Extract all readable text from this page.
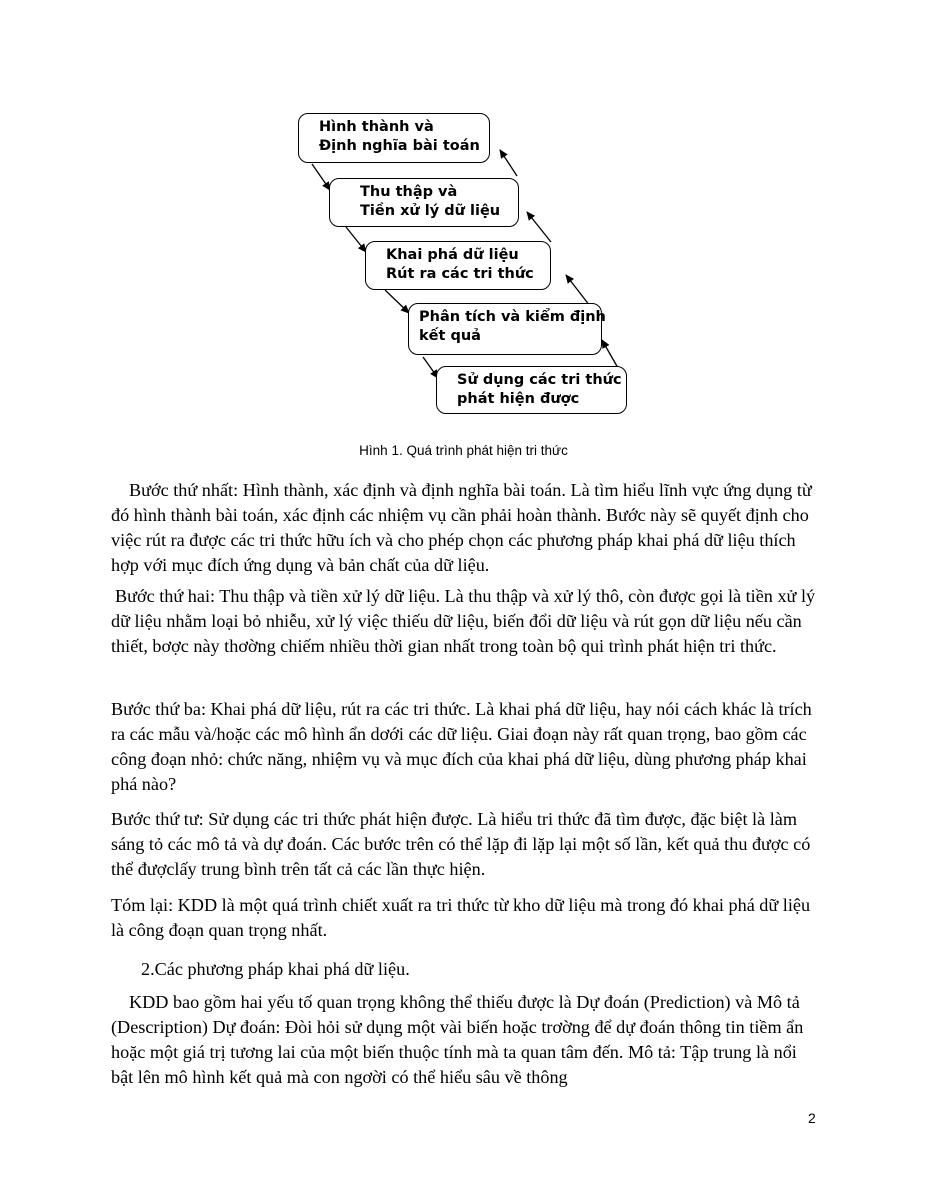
Hình thành và
Định nghĩa bài toán
Thu thập và
Tiền xử lý dữ liệu
Khai phá dữ liệu
Rút ra các tri thức
Phân tích và kiểm định
kết quả
Sử dụng các tri thức
phát hiện được
Hình 1. Quá trình phát hiện tri thức

Bước thứ nhất: Hình thành, xác định và định nghĩa bài toán. Là tìm hiểu lĩnh vực ứng dụng từ đó hình thành bài toán, xác định các nhiệm vụ cần phải hoàn thành. Bước này sẽ quyết định cho việc rút ra được các tri thức hữu ích và cho phép chọn các phương pháp khai phá dữ liệu thích hợp với mục đích ứng dụng và bản chất của dữ liệu.

Bước thứ hai: Thu thập và tiền xử lý dữ liệu. Là thu thập và xử lý thô, còn được gọi là tiền xử lý dữ liệu nhằm loại bỏ nhiễu, xử lý việc thiếu dữ liệu, biến đổi dữ liệu và rút gọn dữ liệu nếu cần thiết, bơợc này thơờng chiếm nhiều thời gian nhất trong toàn bộ qui trình phát hiện tri thức.

Bước thứ ba: Khai phá dữ liệu, rút ra các tri thức. Là khai phá dữ liệu, hay nói cách khác là trích ra các mẫu và/hoặc các mô hình ẩn dơới các dữ liệu. Giai đoạn này rất quan trọng, bao gồm các công đoạn nhỏ: chức năng, nhiệm vụ và mục đích của khai phá dữ liệu, dùng phương pháp khai phá nào?

Bước thứ tư: Sử dụng các tri thức phát hiện được. Là hiểu tri thức đã tìm được, đặc biệt là làm sáng tỏ các mô tả và dự đoán. Các bước trên có thể lặp đi lặp lại một số lần, kết quả thu được có thể đượclấy trung bình trên tất cả các lần thực hiện.

Tóm lại: KDD là một quá trình chiết xuất ra tri thức từ kho dữ liệu mà trong đó khai phá dữ liệu là công đoạn quan trọng nhất.

2.Các phương pháp khai phá dữ liệu.

KDD bao gồm hai yếu tố quan trọng không thể thiếu được là Dự đoán (Prediction) và Mô tả (Description) Dự đoán: Đòi hỏi sử dụng một vài biến hoặc trơờng để dự đoán thông tin tiềm ẩn hoặc một giá trị tương lai của một biến thuộc tính mà ta quan tâm đến. Mô tả: Tập trung là nổi bật lên mô hình kết quả mà con ngơời có thể hiểu sâu về thông

2
